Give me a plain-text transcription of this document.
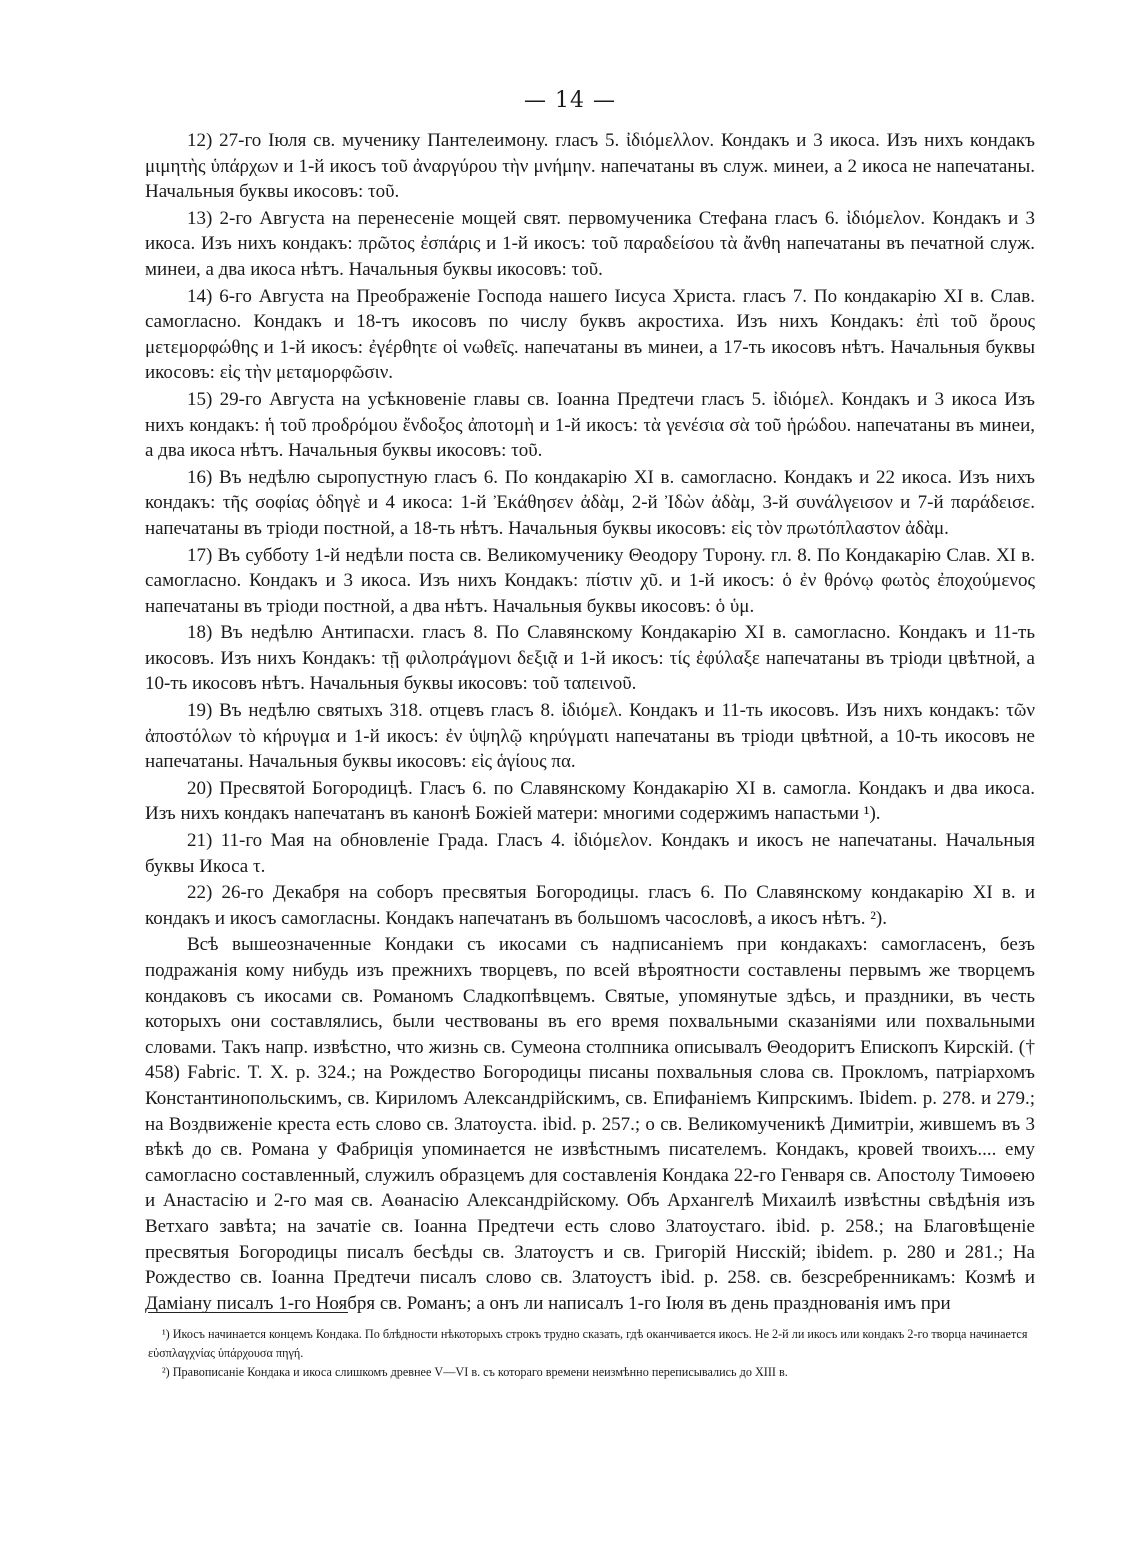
— 14 —

12) 27-го Іюля св. мученику Пантелеимону. гласъ 5. ἰδιόμελλον. Кондакъ и 3 икоса. Изъ нихъ кондакъ μιμητὴς ὑπάρχων и 1-й икосъ τοῦ ἀναργύρου τὴν μνήμην. напечатаны въ служ. минеи, а 2 икоса не напечатаны. Начальныя буквы икосовъ: τοῦ.

13) 2-го Августа на перенесеніе мощей свят. первомученика Стефана гласъ 6. ἰδιόμελον. Кондакъ и 3 икоса. Изъ нихъ кондакъ: πρῶτος ἐσπάρις и 1-й икосъ: τοῦ παραδείσου τὰ ἄνθη напечатаны въ печатной служ. минеи, а два икоса нѣтъ. Начальныя буквы икосовъ: τοῦ.

14) 6-го Августа на Преображеніе Господа нашего Іисуса Христа. гласъ 7. По кондакарію XI в. Слав. самогласно. Кондакъ и 18-тъ икосовъ по числу буквъ акростиха. Изъ нихъ Кондакъ: ἐπὶ τοῦ ὄρους μετεμορφώθης и 1-й икосъ: ἐγέρθητε οἱ νωθεῖς. напечатаны въ минеи, а 17-ть икосовъ нѣтъ. Начальныя буквы икосовъ: εἰς τὴν μεταμορφῶσιν.

15) 29-го Августа на усѣкновеніе главы св. Іоанна Предтечи гласъ 5. ἰδιόμελ. Кондакъ и 3 икоса Изъ нихъ кондакъ: ἡ τοῦ προδρόμου ἔνδοξος ἀποτομὴ и 1-й икосъ: τὰ γενέσια σὰ τοῦ ἡρώδου. напечатаны въ минеи, а два икоса нѣтъ. Начальныя буквы икосовъ: τοῦ.

16) Въ недѣлю сыропустную гласъ 6. По кондакарію XI в. самогласно. Кондакъ и 22 икоса. Изъ нихъ кондакъ: τῆς σοφίας ὁδηγὲ и 4 икоса: 1-й Ἐκάθησεν ἀδὰμ, 2-й Ἰδὼν ἀδὰμ, 3-й συνάλγεισον и 7-й παράδεισε. напечатаны въ тріоди постной, а 18-ть нѣтъ. Начальныя буквы икосовъ: εἰς τὸν πρωτόπλαστον ἀδὰμ.

17) Въ субботу 1-й недѣли поста св. Великомученику Θеодору Тυрону. гл. 8. По Кондакарію Слав. XI в. самогласно. Кондакъ и 3 икоса. Изъ нихъ Кондакъ: πίστιν χῦ. и 1-й икосъ: ὁ ἐν θρόνῳ φωτὸς ἐποχούμενος напечатаны въ тріоди постной, а два нѣтъ. Начальныя буквы икосовъ: ὁ ὑμ.

18) Въ недѣлю Антипасхи. гласъ 8. По Славянскому Кондакарію XI в. самогласно. Кондакъ и 11-ть икосовъ. Изъ нихъ Кондакъ: τῇ φιλοπράγμονι δεξιᾷ и 1-й икосъ: τίς ἐφύλαξε напечатаны въ тріоди цвѣтной, а 10-ть икосовъ нѣтъ. Начальныя буквы икосовъ: τοῦ ταπεινοῦ.

19) Въ недѣлю святыхъ 318. отцевъ гласъ 8. ἰδιόμελ. Кондакъ и 11-ть икосовъ. Изъ нихъ кондакъ: τῶν ἀποστόλων τὸ κήρυγμα и 1-й икосъ: ἐν ὑψηλῷ κηρύγματι напечатаны въ тріоди цвѣтной, а 10-ть икосовъ не напечатаны. Начальныя буквы икосовъ: εἰς ἁγίους πα.

20) Пресвятой Богородицѣ. Гласъ 6. по Славянскому Кондакарію XI в. самогла. Кондакъ и два икоса. Изъ нихъ кондакъ напечатанъ въ канонѣ Божіей матери: многими содержимъ напастьми ¹).

21) 11-го Мая на обновленіе Града. Гласъ 4. ἰδιόμελον. Кондакъ и икосъ не напечатаны. Начальныя буквы Икоса τ.

22) 26-го Декабря на соборъ пресвятыя Богородицы. гласъ 6. По Славянскому кондакарію XI в. и кондакъ и икосъ самогласны. Кондакъ напечатанъ въ большомъ часословѣ, а икосъ нѣтъ. ²).

Всѣ вышеозначенные Кондаки съ икосами съ надписаніемъ при кондакахъ: самогласенъ, безъ подражанія кому нибудь изъ прежнихъ творцевъ, по всей вѣроятности составлены первымъ же творцемъ кондаковъ съ икосами св. Романомъ Сладкопѣвцемъ. Святые, упомянутые здѣсь, и праздники, въ честь которыхъ они составлялись, были чествованы въ его время похвальными сказаніями или похвальными словами. Такъ напр. извѣстно, что жизнь св. Сумеона столпника описывалъ Θеодоритъ Епископъ Кирскій. († 458) Fabric. T. X. p. 324.; на Рождество Богородицы писаны похвальныя слова св. Прокломъ, патріархомъ Константинопольскимъ, св. Кириломъ Александрійскимъ, св. Епифаніемъ Кипрскимъ. Ibidem. p. 278. и 279.; на Воздвиженіе креста есть слово св. Златоуста. ibid. p. 257.; о св. Великомученикѣ Димитріи, жившемъ въ 3 вѣкѣ до св. Романа у Фабриція упоминается не извѣстнымъ писателемъ. Кондакъ, кровей твоихъ.... ему самогласно составленный, служилъ образцемъ для составленія Кондака 22-го Генваря св. Апостолу Тимоѳею и Анастасію и 2-го мая св. Аѳанасію Александрійскому. Объ Архангелѣ Михаилѣ извѣстны свѣдѣнія изъ Ветхаго завѣта; на зачатіе св. Іоанна Предтечи есть слово Златоустаго. ibid. p. 258.; на Благовѣщеніе пресвятыя Богородицы писалъ бесѣды св. Златоустъ и св. Григорій Нисскій; ibidem. p. 280 и 281.; На Рождество св. Іоанна Предтечи писалъ слово св. Златоустъ ibid. p. 258. св. безсребренникамъ: Козмѣ и Даміану писалъ 1-го Ноября св. Романъ; а онъ ли написалъ 1-го Іюля въ день празднованія имъ при

¹) Икосъ начинается концемъ Кондака. По блѣдности нѣкоторыхъ строкъ трудно сказать, гдѣ оканчивается икосъ. Не 2-й ли икосъ или кондакъ 2-го творца начинается εὐσπλαγχνίας ὑπάρχουσα πηγή.

²) Правописаніе Кондака и икоса слишкомъ древнее V—VI в. съ котораго времени неизмѣнно переписывались до XIII в.
